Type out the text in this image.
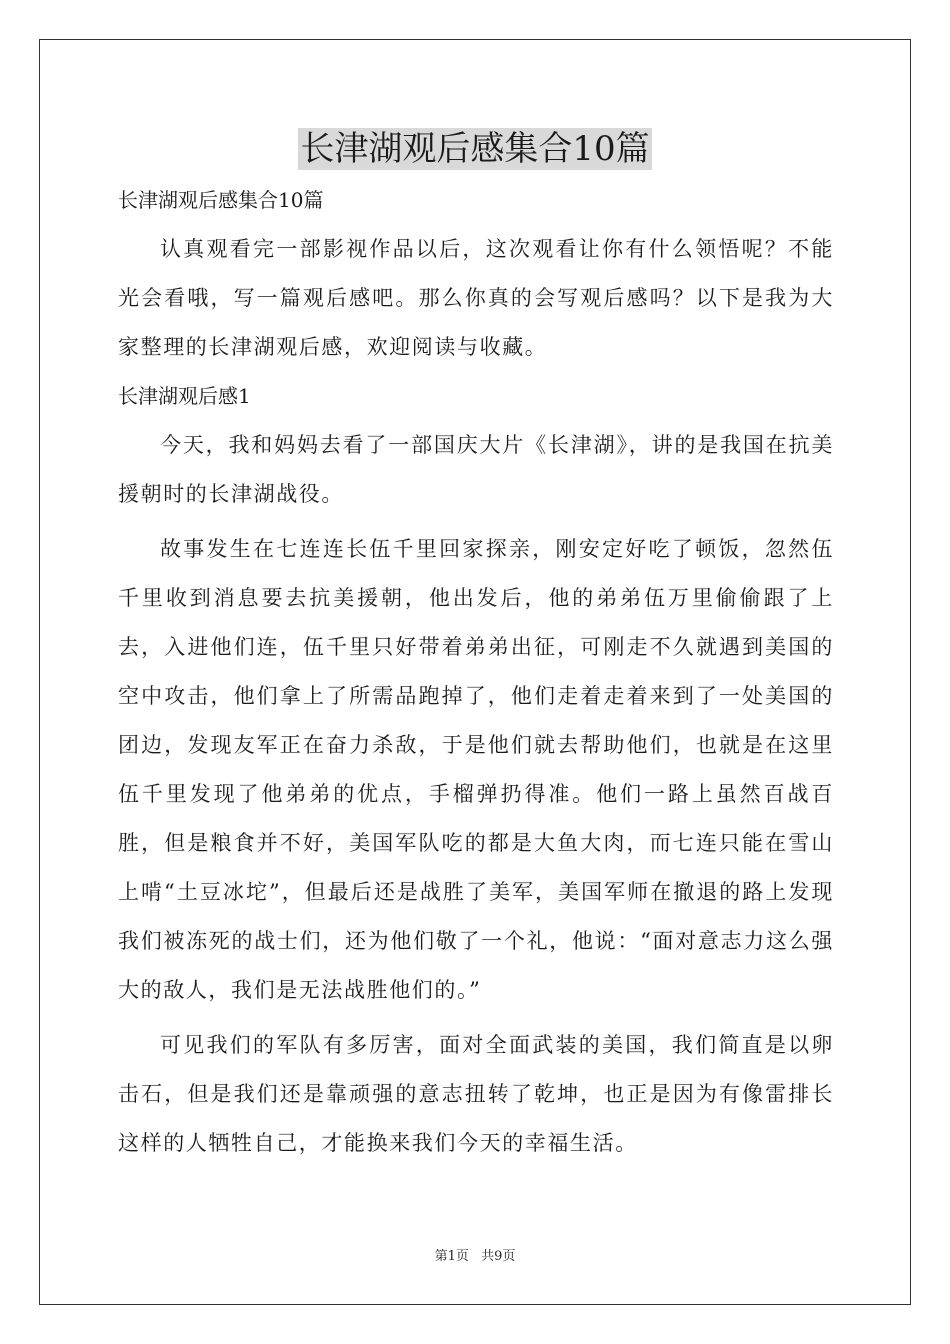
长津湖观后感集合10篇

长津湖观后感集合10篇

认真观看完一部影视作品以后，这次观看让你有什么领悟呢？不能光会看哦，写一篇观后感吧。那么你真的会写观后感吗？以下是我为大家整理的长津湖观后感，欢迎阅读与收藏。

长津湖观后感1

今天，我和妈妈去看了一部国庆大片《长津湖》，讲的是我国在抗美援朝时的长津湖战役。

故事发生在七连连长伍千里回家探亲，刚安定好吃了顿饭，忽然伍千里收到消息要去抗美援朝，他出发后，他的弟弟伍万里偷偷跟了上去，入进他们连，伍千里只好带着弟弟出征，可刚走不久就遇到美国的空中攻击，他们拿上了所需品跑掉了，他们走着走着来到了一处美国的团边，发现友军正在奋力杀敌，于是他们就去帮助他们，也就是在这里伍千里发现了他弟弟的优点，手榴弹扔得准。他们一路上虽然百战百胜，但是粮食并不好，美国军队吃的都是大鱼大肉，而七连只能在雪山上啃“土豆冰坨”，但最后还是战胜了美军，美国军师在撤退的路上发现我们被冻死的战士们，还为他们敬了一个礼，他说：“面对意志力这么强大的敌人，我们是无法战胜他们的。”

可见我们的军队有多厉害，面对全面武装的美国，我们简直是以卵击石，但是我们还是靠顽强的意志扭转了乾坤，也正是因为有像雷排长这样的人牺牲自己，才能换来我们今天的幸福生活。

第1页 共9页
